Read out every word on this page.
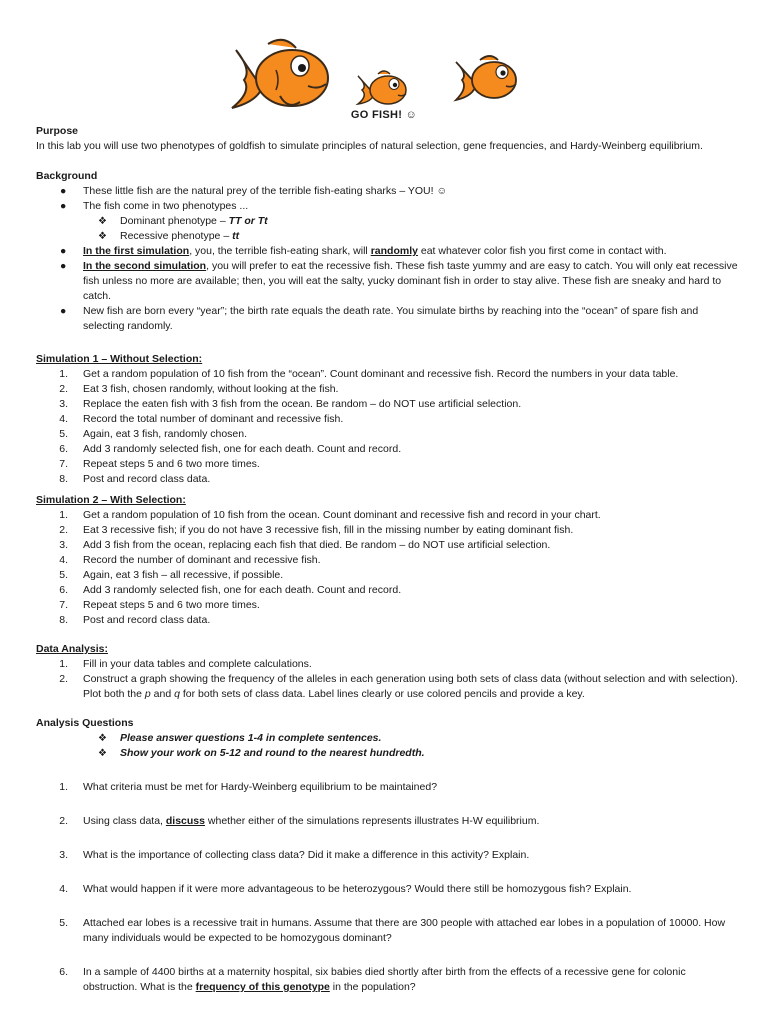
GO FISH! ☺
Purpose
In this lab you will use two phenotypes of goldfish to simulate principles of natural selection, gene frequencies, and Hardy-Weinberg equilibrium.
Background
● These little fish are the natural prey of the terrible fish-eating sharks – YOU! ☺
● The fish come in two phenotypes ...
❖ Dominant phenotype – TT or Tt
❖ Recessive phenotype – tt
● In the first simulation, you, the terrible fish-eating shark, will randomly eat whatever color fish you first come in contact with.
● In the second simulation, you will prefer to eat the recessive fish. These fish taste yummy and are easy to catch. You will only eat recessive fish unless no more are available; then, you will eat the salty, yucky dominant fish in order to stay alive. These fish are sneaky and hard to catch.
● New fish are born every “year”; the birth rate equals the death rate. You simulate births by reaching into the “ocean” of spare fish and selecting randomly.
Simulation 1 – Without Selection:
1. Get a random population of 10 fish from the “ocean”. Count dominant and recessive fish. Record the numbers in your data table.
2. Eat 3 fish, chosen randomly, without looking at the fish.
3. Replace the eaten fish with 3 fish from the ocean. Be random – do NOT use artificial selection.
4. Record the total number of dominant and recessive fish.
5. Again, eat 3 fish, randomly chosen.
6. Add 3 randomly selected fish, one for each death. Count and record.
7. Repeat steps 5 and 6 two more times.
8. Post and record class data.
Simulation 2 – With Selection:
1. Get a random population of 10 fish from the ocean. Count dominant and recessive fish and record in your chart.
2. Eat 3 recessive fish; if you do not have 3 recessive fish, fill in the missing number by eating dominant fish.
3. Add 3 fish from the ocean, replacing each fish that died. Be random – do NOT use artificial selection.
4. Record the number of dominant and recessive fish.
5. Again, eat 3 fish – all recessive, if possible.
6. Add 3 randomly selected fish, one for each death. Count and record.
7. Repeat steps 5 and 6 two more times.
8. Post and record class data.
Data Analysis:
1. Fill in your data tables and complete calculations.
2. Construct a graph showing the frequency of the alleles in each generation using both sets of class data (without selection and with selection). Plot both the p and q for both sets of class data. Label lines clearly or use colored pencils and provide a key.
Analysis Questions
❖ Please answer questions 1-4 in complete sentences.
❖ Show your work on 5-12 and round to the nearest hundredth.
1. What criteria must be met for Hardy-Weinberg equilibrium to be maintained?
2. Using class data, discuss whether either of the simulations represents illustrates H-W equilibrium.
3. What is the importance of collecting class data? Did it make a difference in this activity? Explain.
4. What would happen if it were more advantageous to be heterozygous? Would there still be homozygous fish? Explain.
5. Attached ear lobes is a recessive trait in humans. Assume that there are 300 people with attached ear lobes in a population of 10000. How many individuals would be expected to be homozygous dominant?
6. In a sample of 4400 births at a maternity hospital, six babies died shortly after birth from the effects of a recessive gene for colonic obstruction. What is the frequency of this genotype in the population?
